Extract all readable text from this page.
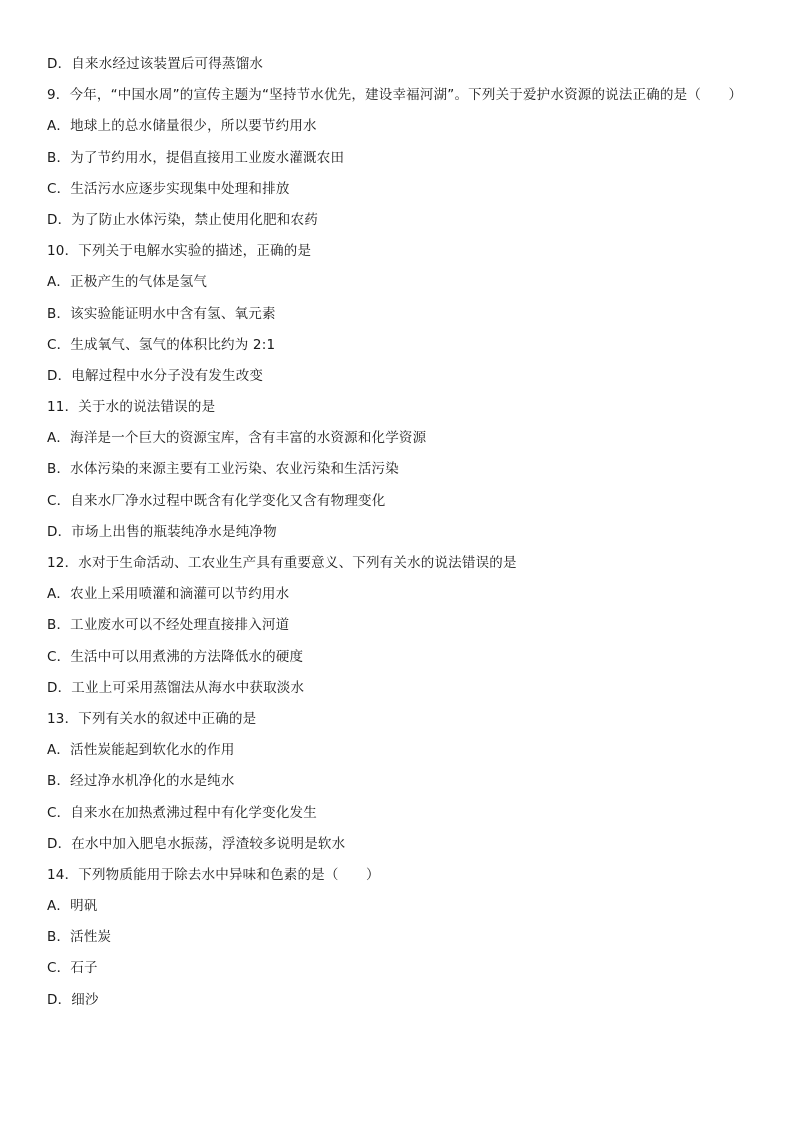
D．自来水经过该装置后可得蒸馏水
9．今年，“中国水周”的宣传主题为“坚持节水优先，建设幸福河湖”。下列关于爱护水资源的说法正确的是（　　）
A．地球上的总水储量很少，所以要节约用水
B．为了节约用水，提倡直接用工业废水灌溉农田
C．生活污水应逐步实现集中处理和排放
D．为了防止水体污染，禁止使用化肥和农药
10．下列关于电解水实验的描述，正确的是
A．正极产生的气体是氢气
B．该实验能证明水中含有氢、氧元素
C．生成氧气、氢气的体积比约为 2:1
D．电解过程中水分子没有发生改变
11．关于水的说法错误的是
A．海洋是一个巨大的资源宝库，含有丰富的水资源和化学资源
B．水体污染的来源主要有工业污染、农业污染和生活污染
C．自来水厂净水过程中既含有化学变化又含有物理变化
D．市场上出售的瓶装纯净水是纯净物
12．水对于生命活动、工农业生产具有重要意义、下列有关水的说法错误的是
A．农业上采用喷灌和滴灌可以节约用水
B．工业废水可以不经处理直接排入河道
C．生活中可以用煮沸的方法降低水的硬度
D．工业上可采用蒸馏法从海水中获取淡水
13．下列有关水的叙述中正确的是
A．活性炭能起到软化水的作用
B．经过净水机净化的水是纯水
C．自来水在加热煮沸过程中有化学变化发生
D．在水中加入肥皂水振荡，浮渣较多说明是软水
14．下列物质能用于除去水中异味和色素的是（　　）
A．明矾
B．活性炭
C．石子
D．细沙
